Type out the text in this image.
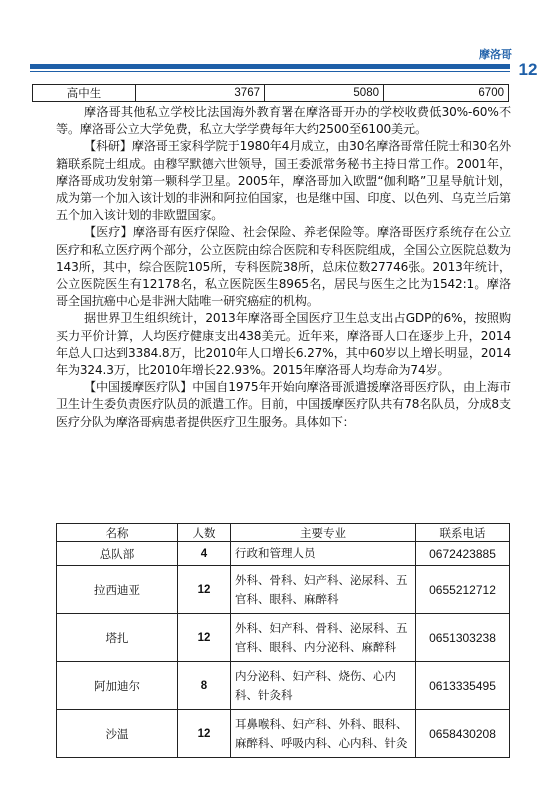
摩洛哥
12
高中生	3767	5080	6700

摩洛哥其他私立学校比法国海外教育署在摩洛哥开办的学校收费低30%-60%不等。摩洛哥公立大学免费，私立大学学费每年大约2500至6100美元。

【科研】摩洛哥王家科学院于1980年4月成立，由30名摩洛哥常任院士和30名外籍联系院士组成。由穆罕默德六世领导，国王委派常务秘书主持日常工作。2001年，摩洛哥成功发射第一颗科学卫星。2005年，摩洛哥加入欧盟“伽利略”卫星导航计划，成为第一个加入该计划的非洲和阿拉伯国家，也是继中国、印度、以色列、乌克兰后第五个加入该计划的非欧盟国家。

【医疗】摩洛哥有医疗保险、社会保险、养老保险等。摩洛哥医疗系统存在公立医疗和私立医疗两个部分，公立医院由综合医院和专科医院组成，全国公立医院总数为143所，其中，综合医院105所，专科医院38所，总床位数27746张。2013年统计，公立医院医生有12178名，私立医院医生8965名，居民与医生之比为1542:1。摩洛哥全国抗癌中心是非洲大陆唯一研究癌症的机构。

据世界卫生组织统计，2013年摩洛哥全国医疗卫生总支出占GDP的6%，按照购买力平价计算，人均医疗健康支出438美元。近年来，摩洛哥人口在逐步上升，2014年总人口达到3384.8万，比2010年人口增长6.27%，其中60岁以上增长明显，2014年为324.3万，比2010年增长22.93%。2015年摩洛哥人均寿命为74岁。

【中国援摩医疗队】中国自1975年开始向摩洛哥派遣援摩洛哥医疗队，由上海市卫生计生委负责医疗队员的派遣工作。目前，中国援摩医疗队共有78名队员，分成8支医疗分队为摩洛哥病患者提供医疗卫生服务。具体如下：

名称	人数	主要专业	联系电话
总队部	4	行政和管理人员	0672423885
拉西迪亚	12	外科、骨科、妇产科、泌尿科、五官科、眼科、麻醉科	0655212712
塔扎	12	外科、妇产科、骨科、泌尿科、五官科、眼科、内分泌科、麻醉科	0651303238
阿加迪尔	8	内分泌科、妇产科、烧伤、心内科、针灸科	0613335495
沙温	12	耳鼻喉科、妇产科、外科、眼科、麻醉科、呼吸内科、心内科、针灸	0658430208
